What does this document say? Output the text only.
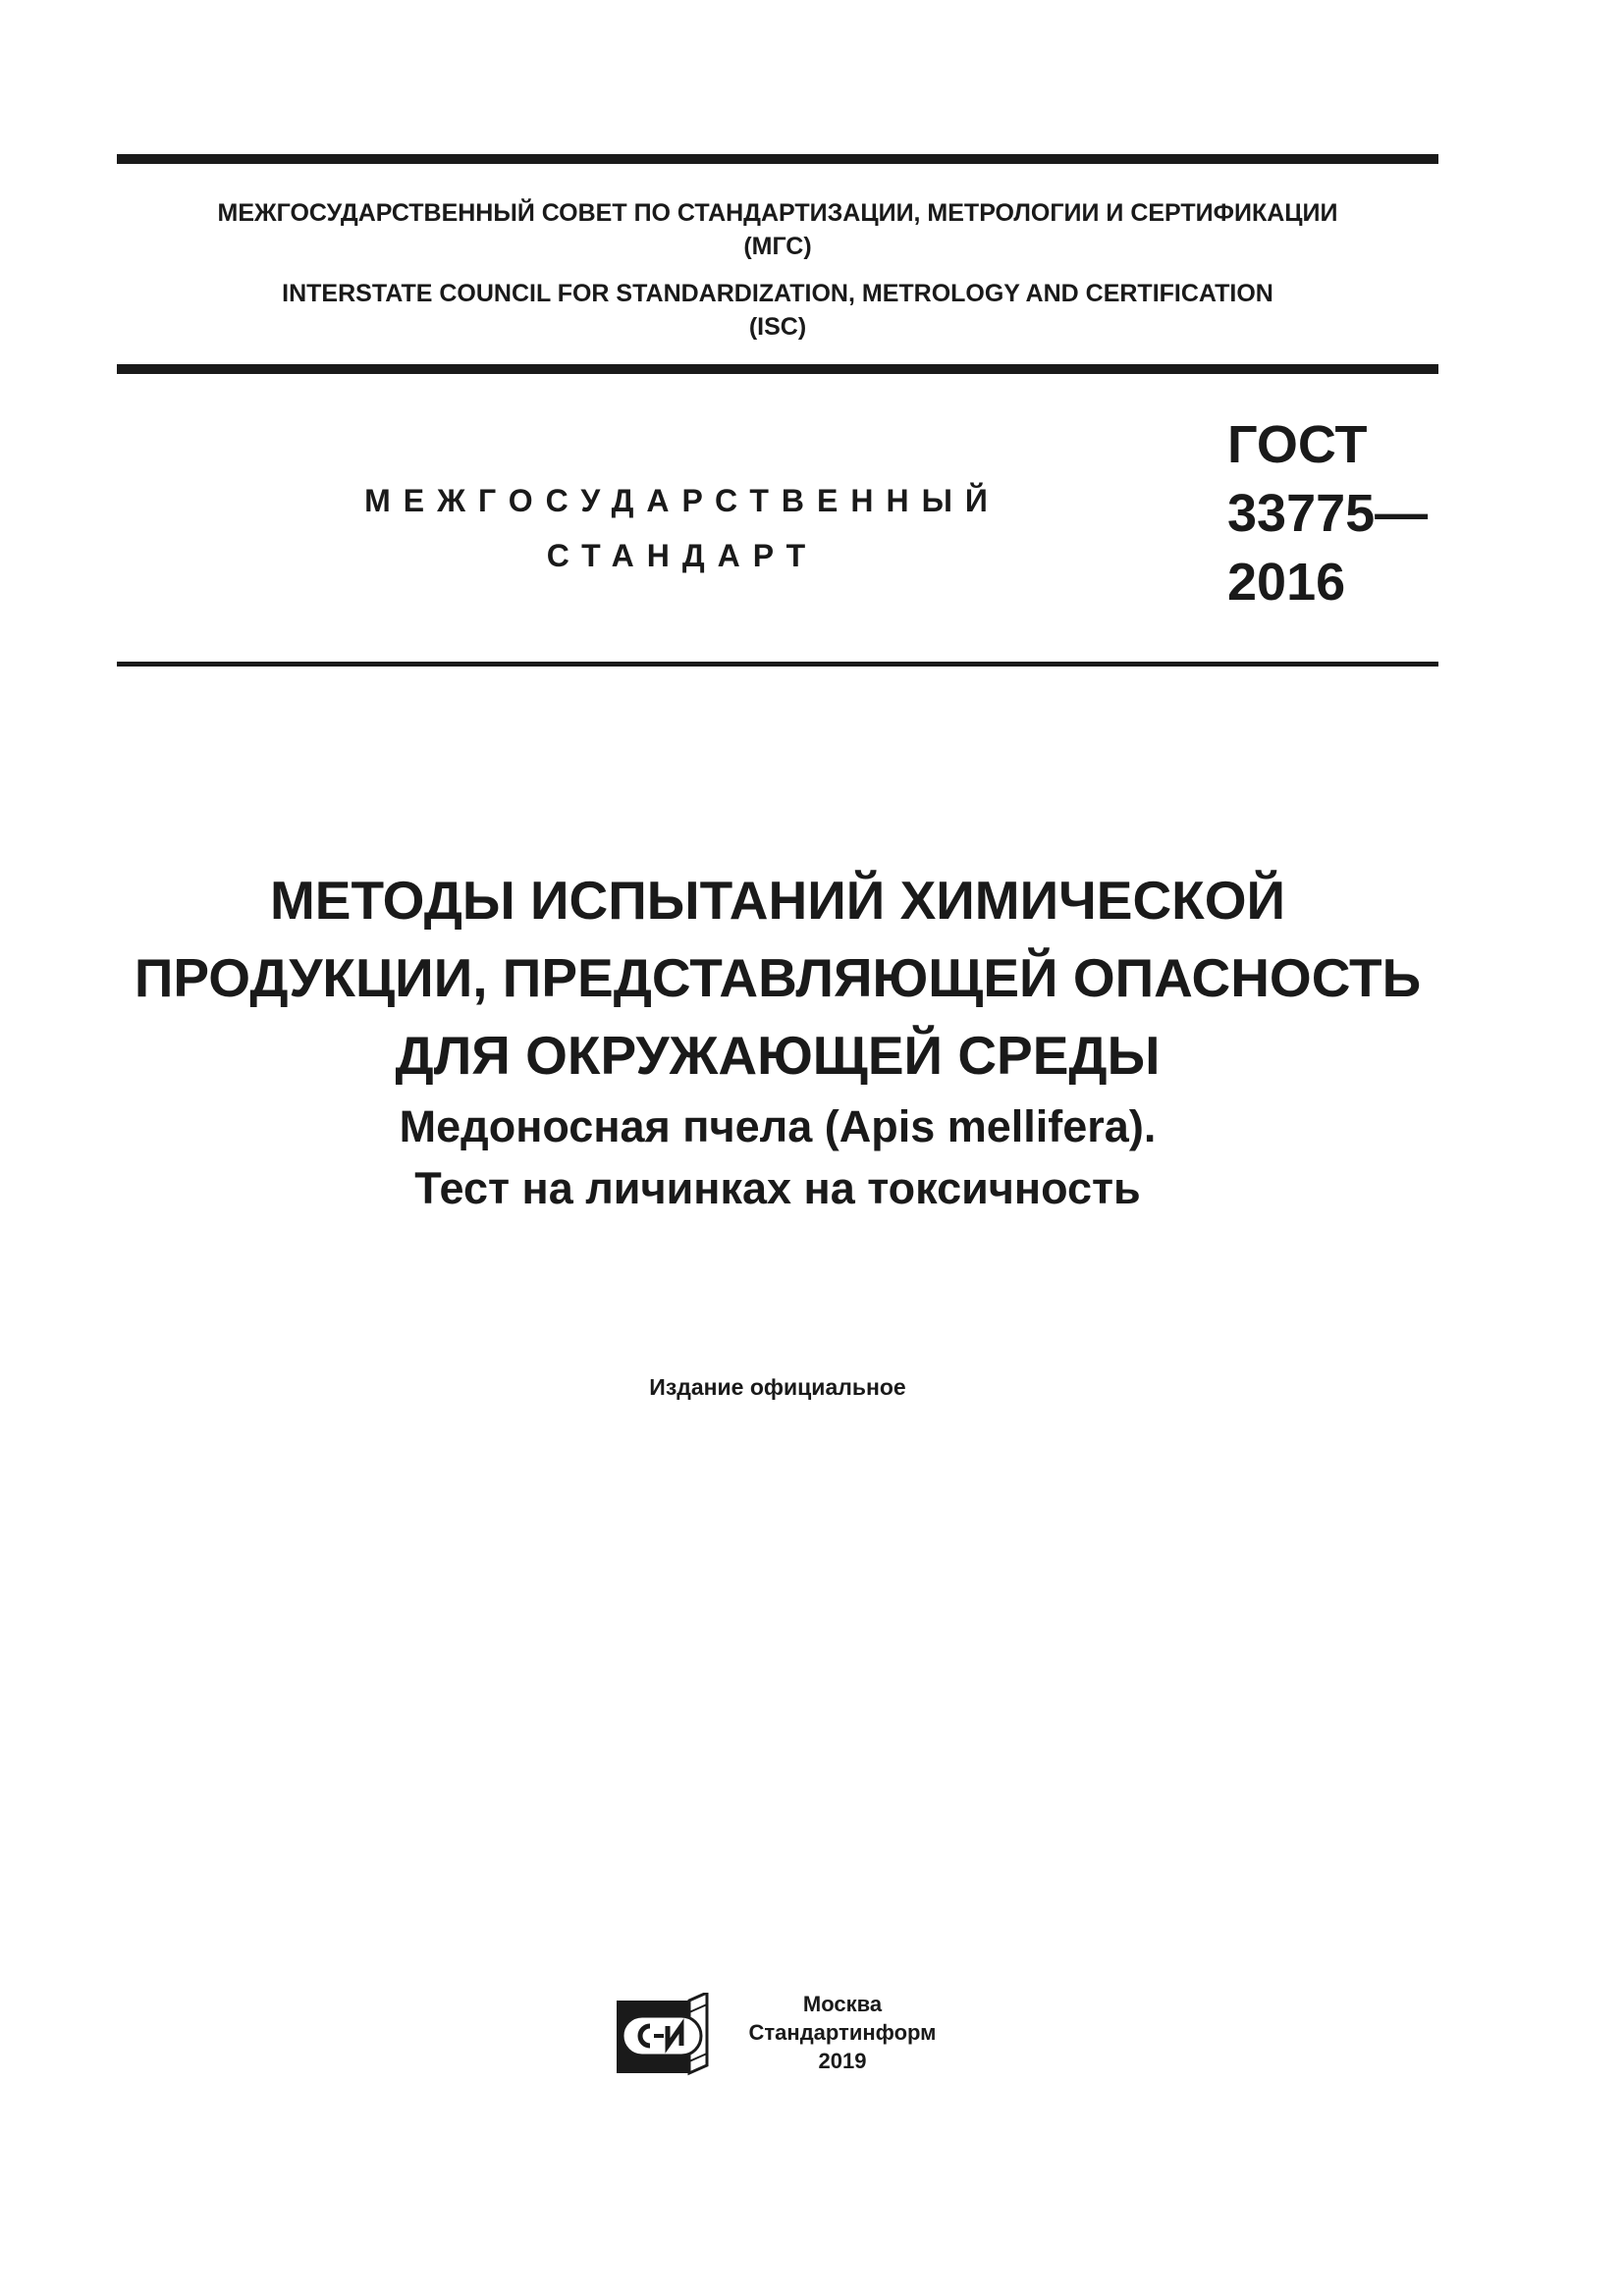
МЕЖГОСУДАРСТВЕННЫЙ СОВЕТ ПО СТАНДАРТИЗАЦИИ, МЕТРОЛОГИИ И СЕРТИФИКАЦИИ
(МГС)
INTERSTATE COUNCIL FOR STANDARDIZATION, METROLOGY AND CERTIFICATION
(ISC)
МЕЖГОСУДАРСТВЕННЫЙ
СТАНДАРТ
ГОСТ
33775—
2016
МЕТОДЫ ИСПЫТАНИЙ ХИМИЧЕСКОЙ
ПРОДУКЦИИ, ПРЕДСТАВЛЯЮЩЕЙ ОПАСНОСТЬ
ДЛЯ ОКРУЖАЮЩЕЙ СРЕДЫ
Медоносная пчела (Apis mellifera).
Тест на личинках на токсичность
Издание официальное
Москва
Стандартинформ
2019
